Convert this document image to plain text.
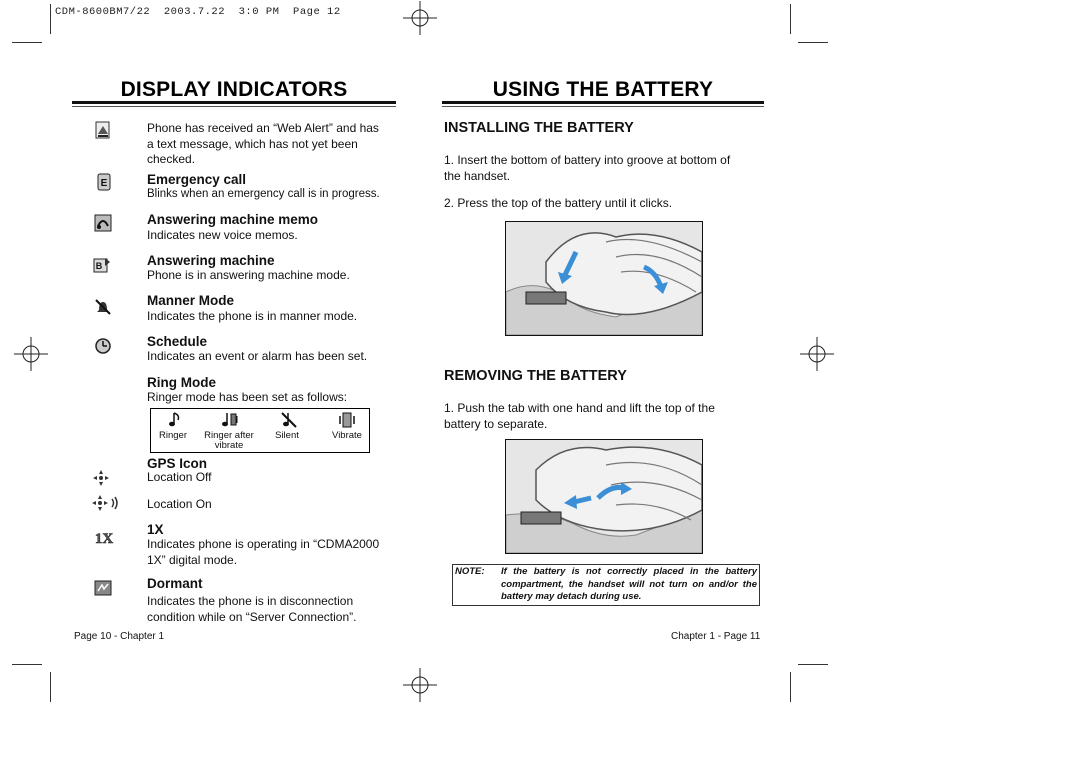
CDM-8600BM7/22  2003.7.22  3:0 PM  Page 12
DISPLAY INDICATORS
Phone has received an “Web Alert” and has a text message, which has not yet been checked.
E	Emergency call
Blinks when an emergency call is in progress.
Answering machine memo
Indicates new voice memos.
B	Answering machine
Phone is in answering machine mode.
Manner Mode
Indicates the phone is in manner mode.
Schedule
Indicates an event or alarm has been set.
Ring Mode
Ringer mode has been set as follows:
Ringer	Ringer after vibrate
Silent	Vibrate
GPS Icon
Location Off
Location On
1X
1X
Indicates phone is operating in “CDMA2000 1X” digital mode.
Dormant
Indicates the phone is in disconnection condition while on “Server Connection”.
Page 10 - Chapter 1
USING THE BATTERY
INSTALLING THE BATTERY
1. Insert the bottom of battery into groove at bottom of the handset.
2. Press the top of the battery until it clicks.
REMOVING THE BATTERY
1. Push the tab with one hand and lift the top of the battery to separate.
NOTE: If the battery is not correctly placed in the battery compartment, the handset will not turn on and/or the battery may detach during use.
Chapter 1 - Page 11
